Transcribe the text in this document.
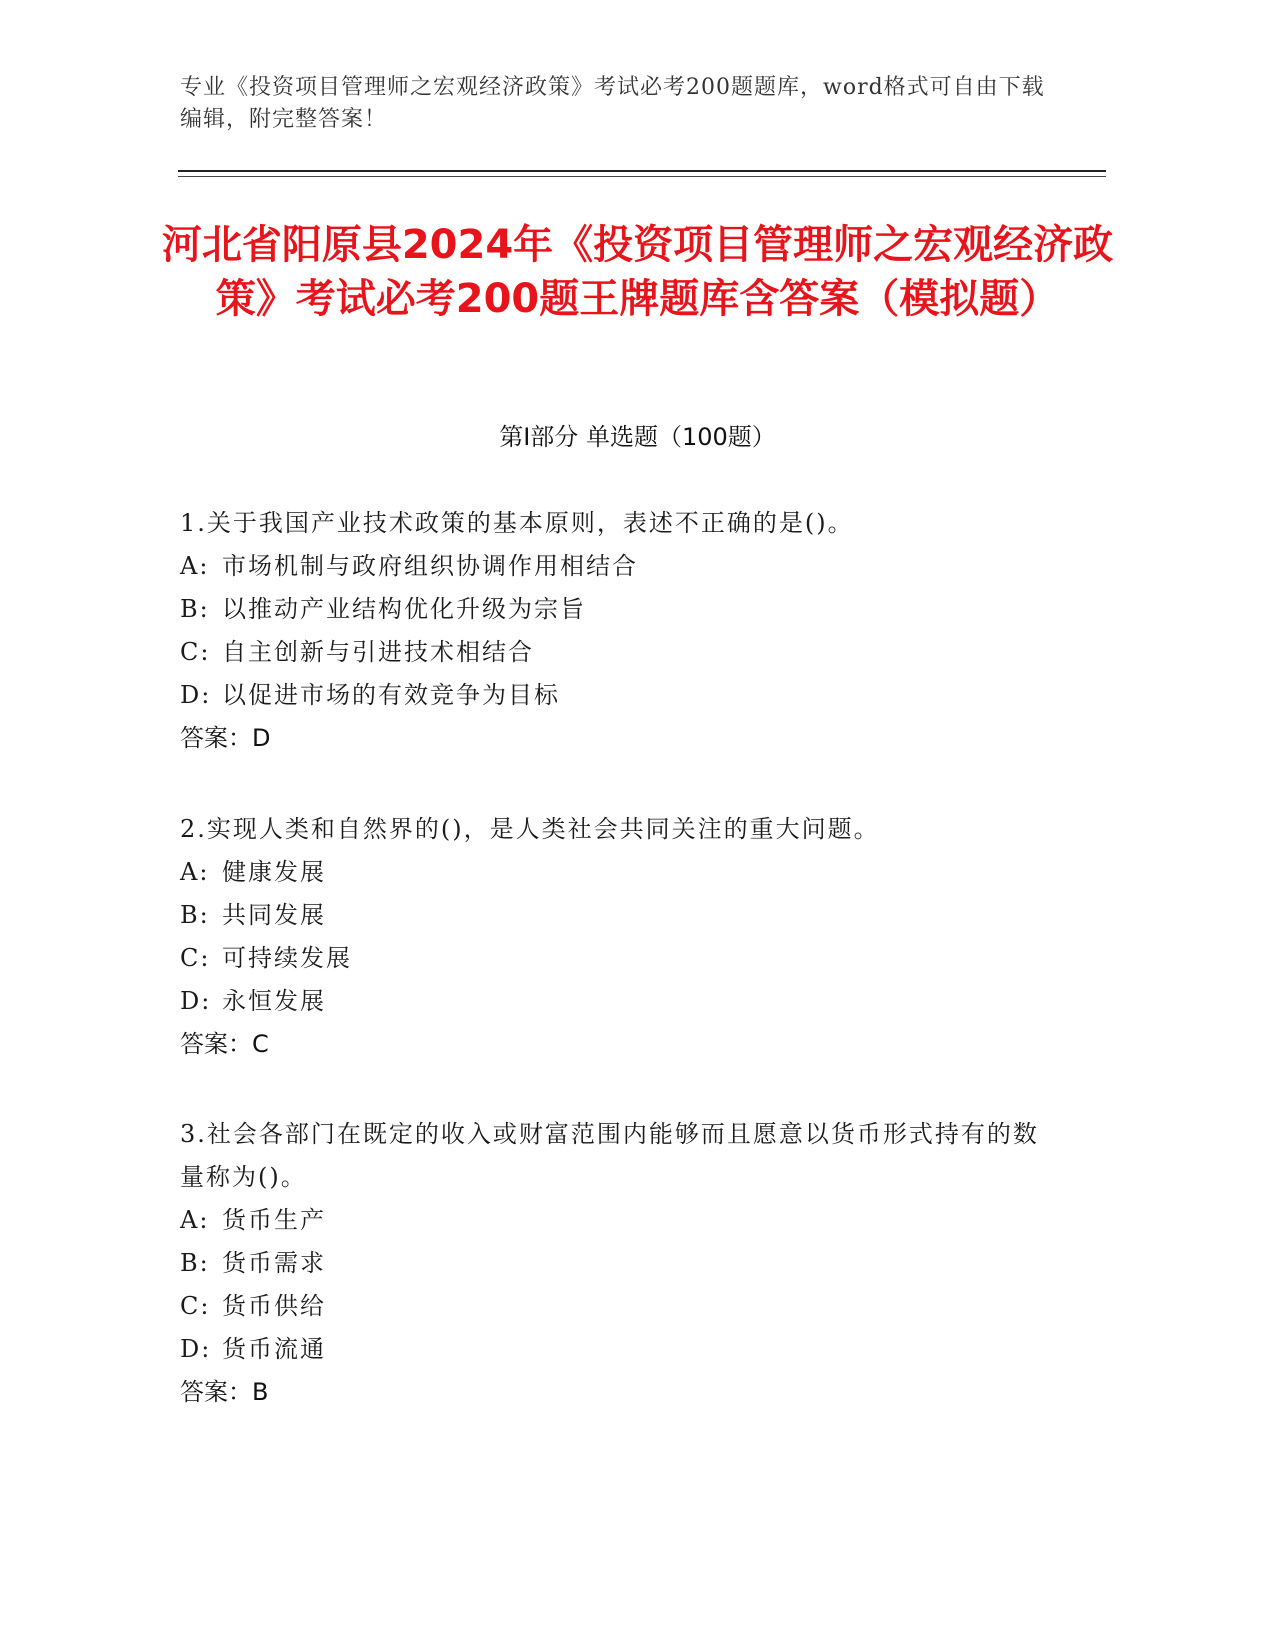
专业《投资项目管理师之宏观经济政策》考试必考200题题库，word格式可自由下载编辑，附完整答案！
河北省阳原县2024年《投资项目管理师之宏观经济政策》考试必考200题王牌题库含答案（模拟题）
第I部分 单选题（100题）
1.关于我国产业技术政策的基本原则，表述不正确的是()。
A: 市场机制与政府组织协调作用相结合
B: 以推动产业结构优化升级为宗旨
C: 自主创新与引进技术相结合
D: 以促进市场的有效竞争为目标
答案：D
2.实现人类和自然界的()，是人类社会共同关注的重大问题。
A: 健康发展
B: 共同发展
C: 可持续发展
D: 永恒发展
答案：C
3.社会各部门在既定的收入或财富范围内能够而且愿意以货币形式持有的数量称为()。
A: 货币生产
B: 货币需求
C: 货币供给
D: 货币流通
答案：B
